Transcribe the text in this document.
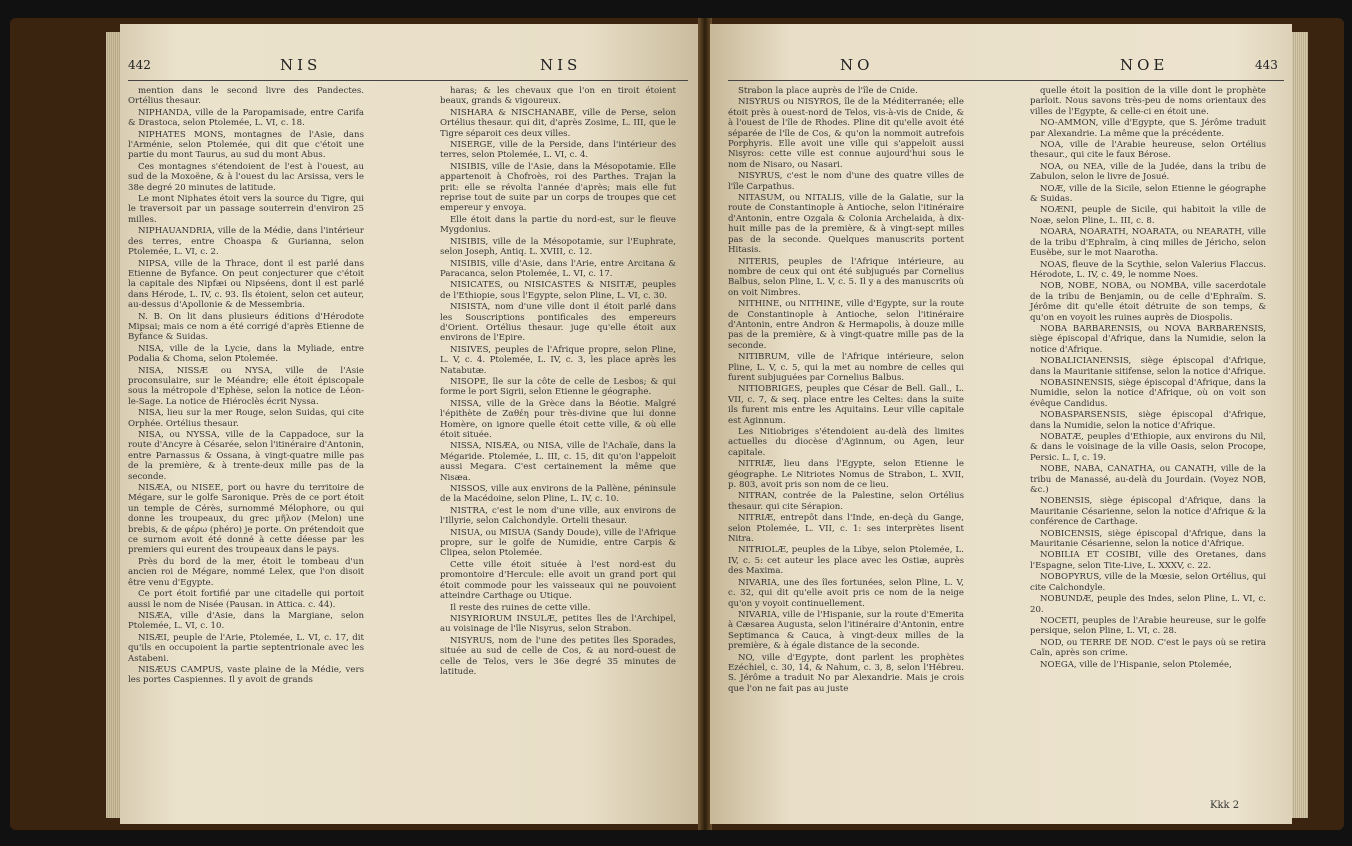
442	NIS	NIS

mention dans le second livre des Pandectes. Ortélius thesaur.

NIPHANDA, ville de la Paropamisade, entre Carifa & Drastoca, selon Ptolemée, L. VI, c. 18.

NIPHATES MONS, montagnes de l'Asie, dans l'Arménie, selon Ptolemée, qui dit que c'étoit une partie du mont Taurus, au sud du mont Abus.

Ces montagnes s'étendoient de l'est à l'ouest, au sud de la Moxoëne, & à l'ouest du lac Arsissa, vers le 38e degré 20 minutes de latitude.

Le mont Niphates étoit vers la source du Tigre, qui le traversoit par un passage souterrein d'environ 25 milles.

NIPHAUANDRIA, ville de la Médie, dans l'intérieur des terres, entre Choaspa & Gurianna, selon Ptolemée, L. VI, c. 2.

NIPSA, ville de la Thrace, dont il est parlé dans Etienne de Byfance. On peut conjecturer que c'étoit la capitale des Nipfæi ou Nipséens, dont il est parlé dans Hérode, L. IV, c. 93. Ils étoient, selon cet auteur, au-dessus d'Apollonie & de Messembria.

N. B. On lit dans plusieurs éditions d'Hérodote Mipsai; mais ce nom a été corrigé d'après Etienne de Byfance & Suidas.

NISA, ville de la Lycie, dans la Myliade, entre Podalia & Choma, selon Ptolemée.

NISA, NISSÆ ou NYSA, ville de l'Asie proconsulaire, sur le Méandre; elle étoit épiscopale sous la métropole d'Ephèse, selon la notice de Léon-le-Sage. La notice de Hiéroclès écrit Nyssa.

NISA, lieu sur la mer Rouge, selon Suidas, qui cite Orphée. Ortélius thesaur.

NISA, ou NYSSA, ville de la Cappadoce, sur la route d'Ancyre à Césarée, selon l'itinéraire d'Antonin, entre Parnassus & Ossana, à vingt-quatre mille pas de la première, & à trente-deux mille pas de la seconde.

NISÆA, ou NISEE, port ou havre du territoire de Mégare, sur le golfe Saronique. Près de ce port étoit un temple de Cérès, surnommé Mélophore, ou qui donne les troupeaux, du grec μῆλον (Melon) une brebis, & de φέρω (phéro) je porte. On prétendoit que ce surnom avoit été donné à cette déesse par les premiers qui eurent des troupeaux dans le pays.

Près du bord de la mer, étoit le tombeau d'un ancien roi de Mégare, nommé Lelex, que l'on disoit être venu d'Egypte.

Ce port étoit fortifié par une citadelle qui portoit aussi le nom de Nisée (Pausan. in Attica. c. 44).

NISÆA, ville d'Asie, dans la Margiane, selon Ptolemée, L. VI, c. 10.

NISÆI, peuple de l'Arie, Ptolemée, L. VI, c. 17, dit qu'ils en occupoient la partie septentrionale avec les Astabeni.

NISÆUS CAMPUS, vaste plaine de la Médie, vers les portes Caspiennes. Il y avoit de grands

haras; & les chevaux que l'on en tiroit étoient beaux, grands & vigoureux.

NISHARA & NISCHANABE, ville de Perse, selon Ortélius thesaur. qui dit, d'après Zosime, L. III, que le Tigre séparoit ces deux villes.

NISERGE, ville de la Perside, dans l'intérieur des terres, selon Ptolemée, L. VI, c. 4.

NISIBIS, ville de l'Asie, dans la Mésopotamie. Elle appartenoit à Chofroès, roi des Parthes. Trajan la prit: elle se révolta l'année d'après; mais elle fut reprise tout de suite par un corps de troupes que cet empereur y envoya.

Elle étoit dans la partie du nord-est, sur le fleuve Mygdonius.

NISIBIS, ville de la Mésopotamie, sur l'Euphrate, selon Joseph, Antiq. L. XVIII, c. 12.

NISIBIS, ville d'Asie, dans l'Arie, entre Arcitana & Paracanca, selon Ptolemée, L. VI, c. 17.

NISICATES, ou NISICASTES & NISITÆ, peuples de l'Ethiopie, sous l'Egypte, selon Pline, L. VI, c. 30.

NISISTA, nom d'une ville dont il étoit parlé dans les Souscriptions pontificales des empereurs d'Orient. Ortélius thesaur. juge qu'elle étoit aux environs de l'Epire.

NISIVES, peuples de l'Afrique propre, selon Pline, L. V, c. 4. Ptolemée, L. IV, c. 3, les place après les Natabutæ.

NISOPE, île sur la côte de celle de Lesbos; & qui forme le port Sigrii, selon Etienne le géographe.

NISSA, ville de la Grèce dans la Béotie. Malgré l'épithète de Ζαθέη pour très-divine que lui donne Homère, on ignore quelle étoit cette ville, & où elle étoit située.

NISSA, NISÆA, ou NISA, ville de l'Achaïe, dans la Mégaride. Ptolemée, L. III, c. 15, dit qu'on l'appeloit aussi Megara. C'est certainement la même que Nisæa.

NISSOS, ville aux environs de la Pallène, péninsule de la Macédoine, selon Pline, L. IV, c. 10.

NISTRA, c'est le nom d'une ville, aux environs de l'Illyrie, selon Calchondyle. Ortelii thesaur.

NISUA, ou MISUA (Sandy Doude), ville de l'Afrique propre, sur le golfe de Numidie, entre Carpis & Clipea, selon Ptolemée.

Cette ville étoit située à l'est nord-est du promontoire d'Hercule: elle avoit un grand port qui étoit commode pour les vaisseaux qui ne pouvoient atteindre Carthage ou Utique.

Il reste des ruines de cette ville.

NISYRIORUM INSULÆ, petites îles de l'Archipel, au voisinage de l'île Nisyrus, selon Strabon.

NISYRUS, nom de l'une des petites îles Sporades, située au sud de celle de Cos, & au nord-ouest de celle de Telos, vers le 36e degré 35 minutes de latitude.

NO	NOE	443

Strabon la place auprès de l'île de Cnide.

NISYRUS ou NISYROS, île de la Méditerranée; elle étoit près à ouest-nord de Telos, vis-à-vis de Cnide, & à l'ouest de l'île de Rhodes. Pline dit qu'elle avoit été séparée de l'île de Cos, & qu'on la nommoit autrefois Porphyris. Elle avoit une ville qui s'appeloit aussi Nisyros: cette ville est connue aujourd'hui sous le nom de Nisaro, ou Nasari.

NISYRUS, c'est le nom d'une des quatre villes de l'île Carpathus.

NITASUM, ou NITALIS, ville de la Galatie, sur la route de Constantinople à Antioche, selon l'itinéraire d'Antonin, entre Ozgala & Colonia Archelaida, à dix-huit mille pas de la première, & à vingt-sept milles pas de la seconde. Quelques manuscrits portent Hitasis.

NITERIS, peuples de l'Afrique intérieure, au nombre de ceux qui ont été subjugués par Cornelius Balbus, selon Pline, L. V, c. 5. Il y a des manuscrits où on voit Nimbres.

NITHINE, ou NITHINE, ville d'Egypte, sur la route de Constantinople à Antioche, selon l'itinéraire d'Antonin, entre Andron & Hermapolis, à douze mille pas de la première, & à vingt-quatre mille pas de la seconde.

NITIBRUM, ville de l'Afrique intérieure, selon Pline, L. V, c. 5, qui la met au nombre de celles qui furent subjuguées par Cornelius Balbus.

NITIOBRIGES, peuples que César de Bell. Gall., L. VII, c. 7, & seq. place entre les Celtes: dans la suite ils furent mis entre les Aquitains. Leur ville capitale est Aginnum.

Les Nitiobriges s'étendoient au-delà des limites actuelles du diocèse d'Aginnum, ou Agen, leur capitale.

NITRIÆ, lieu dans l'Egypte, selon Etienne le géographe. Le Nitriotes Nomus de Strabon, L. XVII, p. 803, avoit pris son nom de ce lieu.

NITRAN, contrée de la Palestine, selon Ortélius thesaur. qui cite Sérapion.

NITRIÆ, entrepôt dans l'Inde, en-deçà du Gange, selon Ptolemée, L. VII, c. 1: ses interprètes lisent Nitra.

NITRIOLÆ, peuples de la Libye, selon Ptolemée, L. IV, c. 5: cet auteur les place avec les Ostiæ, auprès des Maxima.

NIVARIA, une des îles fortunées, selon Pline, L. V, c. 32, qui dit qu'elle avoit pris ce nom de la neige qu'on y voyoit continuellement.

NIVARIA, ville de l'Hispanie, sur la route d'Emerita à Cæsarea Augusta, selon l'itinéraire d'Antonin, entre Septimanca & Cauca, à vingt-deux milles de la première, & à égale distance de la seconde.

NO, ville d'Egypte, dont parlent les prophètes Ezéchiel, c. 30, 14, & Nahum, c. 3, 8, selon l'Hébreu. S. Jérôme a traduit No par Alexandrie. Mais je crois que l'on ne fait pas au juste

quelle étoit la position de la ville dont le prophète parloit. Nous savons très-peu de noms orientaux des villes de l'Egypte, & celle-ci en étoit une.

NO-AMMON, ville d'Egypte, que S. Jérôme traduit par Alexandrie. La même que la précédente.

NOA, ville de l'Arabie heureuse, selon Ortélius thesaur., qui cite le faux Bérose.

NOA, ou NEA, ville de la Judée, dans la tribu de Zabulon, selon le livre de Josué.

NOÆ, ville de la Sicile, selon Etienne le géographe & Suidas.

NOÆNI, peuple de Sicile, qui habitoit la ville de Noæ, selon Pline, L. III, c. 8.

NOARA, NOARATH, NOARATA, ou NEARATH, ville de la tribu d'Ephraïm, à cinq milles de Jéricho, selon Eusèbe, sur le mot Naarotha.

NOAS, fleuve de la Scythie, selon Valerius Flaccus. Hérodote, L. IV, c. 49, le nomme Noes.

NOB, NOBE, NOBA, ou NOMBA, ville sacerdotale de la tribu de Benjamin, ou de celle d'Ephraïm. S. Jérôme dit qu'elle étoit détruite de son temps, & qu'on en voyoit les ruines auprès de Diospolis.

NOBA BARBARENSIS, ou NOVA BARBARENSIS, siège épiscopal d'Afrique, dans la Numidie, selon la notice d'Afrique.

NOBALICIANENSIS, siège épiscopal d'Afrique, dans la Mauritanie sitifense, selon la notice d'Afrique.

NOBASINENSIS, siège épiscopal d'Afrique, dans la Numidie, selon la notice d'Afrique, où on voit son évêque Candidus.

NOBASPARSENSIS, siège épiscopal d'Afrique, dans la Numidie, selon la notice d'Afrique.

NOBATÆ, peuples d'Ethiopie, aux environs du Nil, & dans le voisinage de la ville Oasis, selon Procope, Persic. L. I, c. 19.

NOBE, NABA, CANATHA, ou CANATH, ville de la tribu de Manassé, au-delà du Jourdain. (Voyez NOB, &c.)

NOBENSIS, siège épiscopal d'Afrique, dans la Mauritanie Césarienne, selon la notice d'Afrique & la conférence de Carthage.

NOBICENSIS, siège épiscopal d'Afrique, dans la Mauritanie Césarienne, selon la notice d'Afrique.

NOBILIA ET COSIBI, ville des Oretanes, dans l'Espagne, selon Tite-Live, L. XXXV, c. 22.

NOBOPYRUS, ville de la Mœsie, selon Ortélius, qui cite Calchondyle.

NOBUNDÆ, peuple des Indes, selon Pline, L. VI, c. 20.

NOCETI, peuples de l'Arabie heureuse, sur le golfe persique, selon Pline, L. VI, c. 28.

NOD, ou TERRE DE NOD. C'est le pays où se retira Caïn, après son crime.

NOEGA, ville de l'Hispanie, selon Ptolemée,

Kkk 2
